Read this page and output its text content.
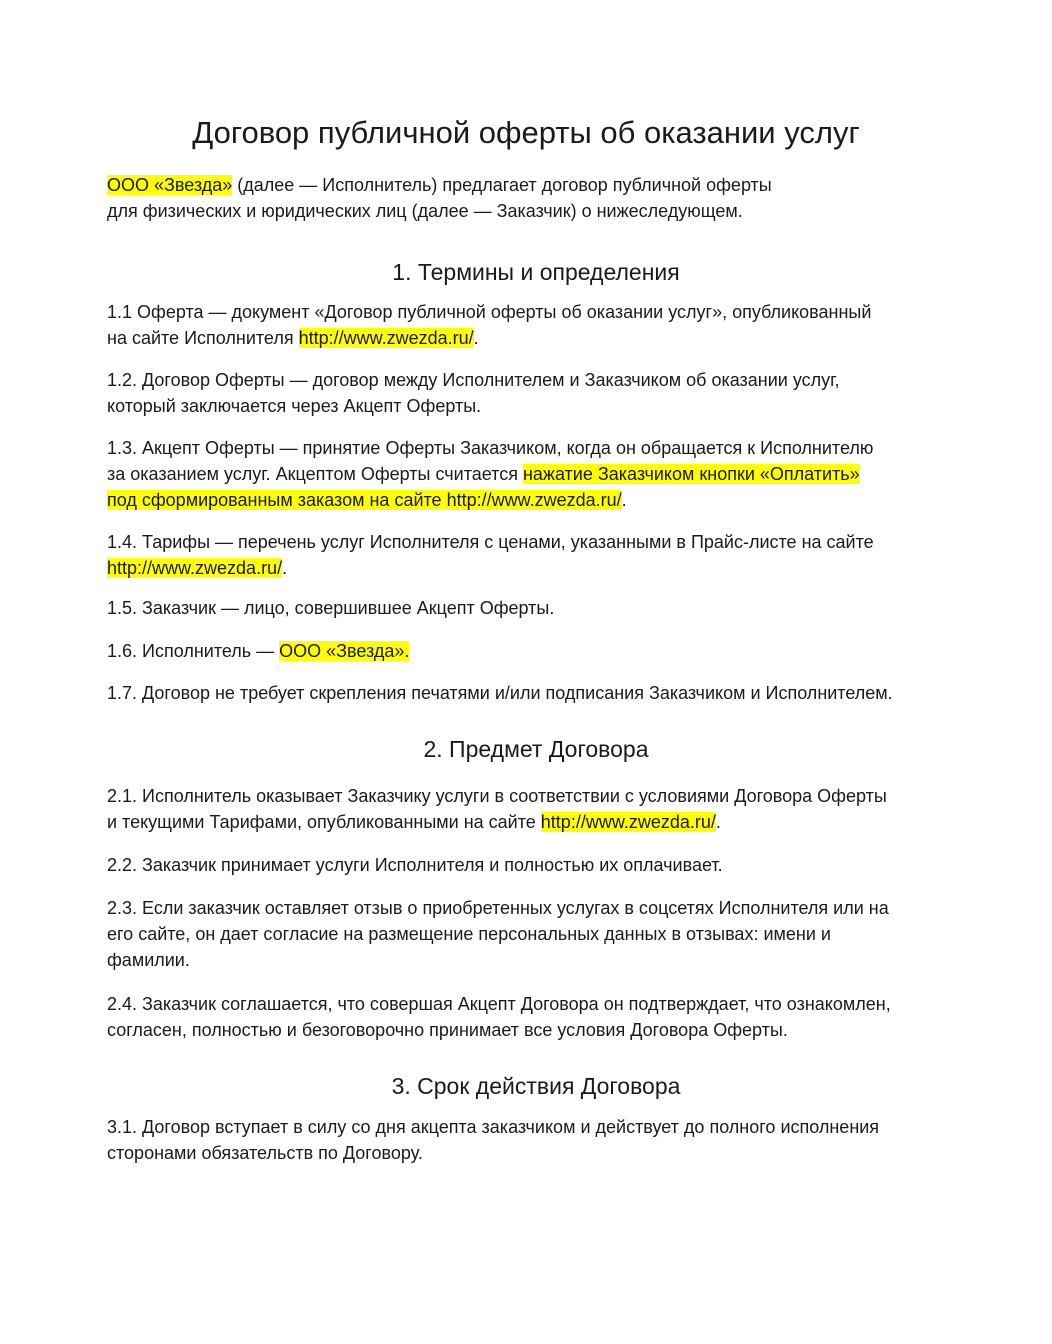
Договор публичной оферты об оказании услуг

ООО «Звезда» (далее — Исполнитель) предлагает договор публичной оферты
для физических и юридических лиц (далее — Заказчик) о нижеследующем.

1. Термины и определения

1.1 Оферта — документ «Договор публичной оферты об оказании услуг», опубликованный
на сайте Исполнителя http://www.zwezda.ru/.

1.2. Договор Оферты — договор между Исполнителем и Заказчиком об оказании услуг,
который заключается через Акцепт Оферты.

1.3. Акцепт Оферты — принятие Оферты Заказчиком, когда он обращается к Исполнителю
за оказанием услуг. Акцептом Оферты считается нажатие Заказчиком кнопки «Оплатить»
под сформированным заказом на сайте http://www.zwezda.ru/.

1.4. Тарифы — перечень услуг Исполнителя с ценами, указанными в Прайс-листе на сайте
http://www.zwezda.ru/.

1.5. Заказчик — лицо, совершившее Акцепт Оферты.

1.6. Исполнитель — ООО «Звезда».

1.7. Договор не требует скрепления печатями и/или подписания Заказчиком и Исполнителем.

2. Предмет Договора

2.1. Исполнитель оказывает Заказчику услуги в соответствии с условиями Договора Оферты
и текущими Тарифами, опубликованными на сайте http://www.zwezda.ru/.

2.2. Заказчик принимает услуги Исполнителя и полностью их оплачивает.

2.3. Если заказчик оставляет отзыв о приобретенных услугах в соцсетях Исполнителя или на
его сайте, он дает согласие на размещение персональных данных в отзывах: имени и
фамилии.

2.4. Заказчик соглашается, что совершая Акцепт Договора он подтверждает, что ознакомлен,
согласен, полностью и безоговорочно принимает все условия Договора Оферты.

3. Срок действия Договора

3.1. Договор вступает в силу со дня акцепта заказчиком и действует до полного исполнения
сторонами обязательств по Договору.
